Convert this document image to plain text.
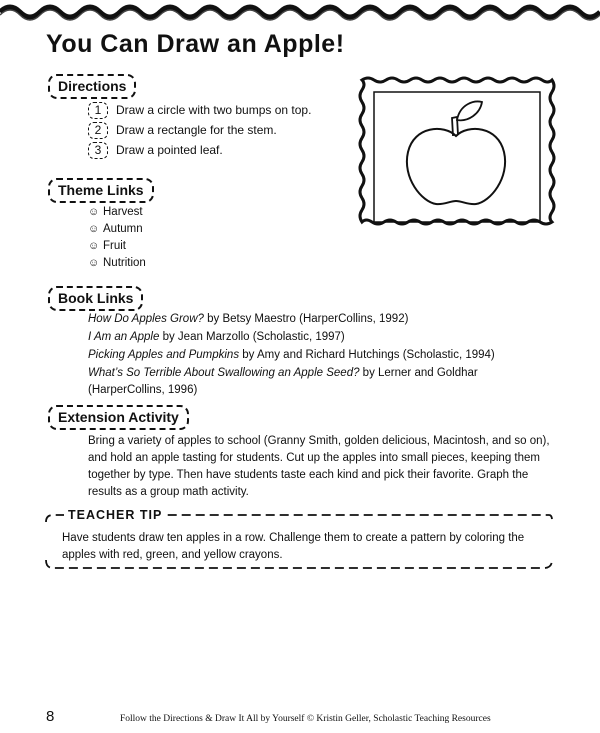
You Can Draw an Apple!
Directions
1 Draw a circle with two bumps on top.
2 Draw a rectangle for the stem.
3 Draw a pointed leaf.
Theme Links
☺ Harvest
☺ Autumn
☺ Fruit
☺ Nutrition
Book Links
How Do Apples Grow? by Betsy Maestro (HarperCollins, 1992)
I Am an Apple by Jean Marzollo (Scholastic, 1997)
Picking Apples and Pumpkins by Amy and Richard Hutchings (Scholastic, 1994)
What’s So Terrible About Swallowing an Apple Seed? by Lerner and Goldhar (HarperCollins, 1996)
Extension Activity
Bring a variety of apples to school (Granny Smith, golden delicious, Macintosh, and so on), and hold an apple tasting for students. Cut up the apples into small pieces, keeping them together by type. Then have students taste each kind and pick their favorite. Graph the results as a group math activity.
TEACHER TIP
Have students draw ten apples in a row. Challenge them to create a pattern by coloring the apples with red, green, and yellow crayons.
8	Follow the Directions & Draw It All by Yourself © Kristin Geller, Scholastic Teaching Resources
